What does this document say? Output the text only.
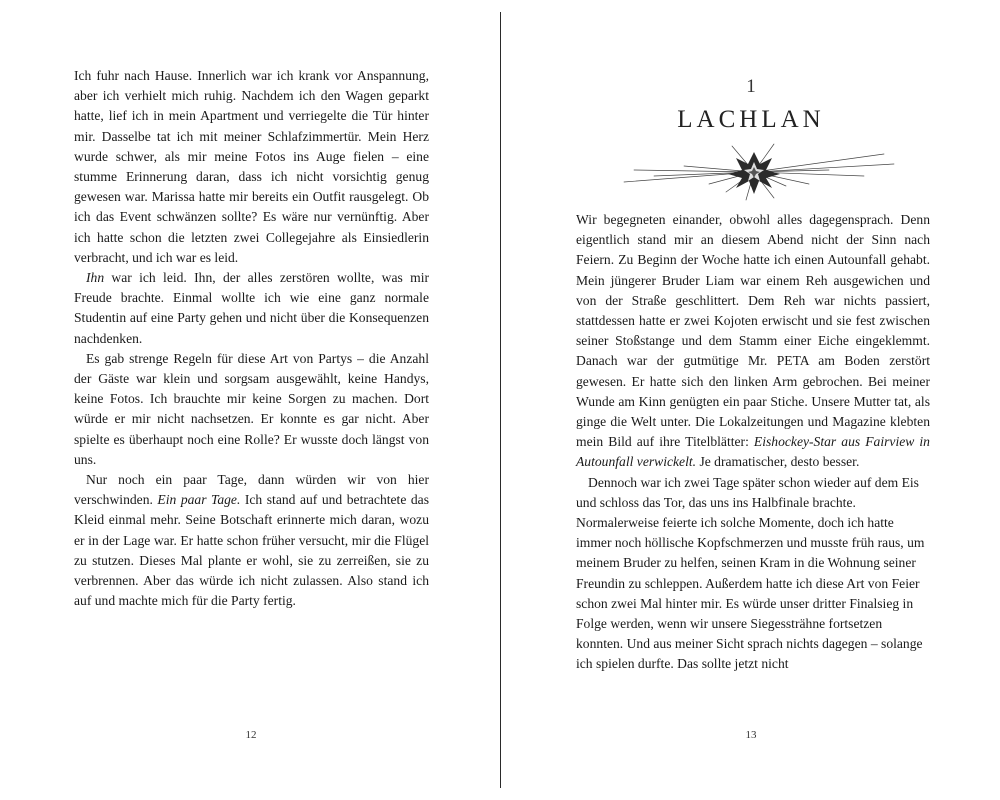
Ich fuhr nach Hause. Innerlich war ich krank vor Anspannung, aber ich verhielt mich ruhig. Nachdem ich den Wagen geparkt hatte, lief ich in mein Apartment und verriegelte die Tür hinter mir. Dasselbe tat ich mit meiner Schlafzimmertür. Mein Herz wurde schwer, als mir meine Fotos ins Auge fielen – eine stumme Erinnerung daran, dass ich nicht vorsichtig genug gewesen war. Marissa hatte mir bereits ein Outfit rausgelegt. Ob ich das Event schwänzen sollte? Es wäre nur vernünftig. Aber ich hatte schon die letzten zwei Collegejahre als Einsiedlerin verbracht, und ich war es leid.

Ihn war ich leid. Ihn, der alles zerstören wollte, was mir Freude brachte. Einmal wollte ich wie eine ganz normale Studentin auf eine Party gehen und nicht über die Konsequenzen nachdenken.

Es gab strenge Regeln für diese Art von Partys – die Anzahl der Gäste war klein und sorgsam ausgewählt, keine Handys, keine Fotos. Ich brauchte mir keine Sorgen zu machen. Dort würde er mir nicht nachsetzen. Er konnte es gar nicht. Aber spielte es überhaupt noch eine Rolle? Er wusste doch längst von uns.

Nur noch ein paar Tage, dann würden wir von hier verschwinden. Ein paar Tage. Ich stand auf und betrachtete das Kleid einmal mehr. Seine Botschaft erinnerte mich daran, wozu er in der Lage war. Er hatte schon früher versucht, mir die Flügel zu stutzen. Dieses Mal plante er wohl, sie zu zerreißen, sie zu verbrennen. Aber das würde ich nicht zulassen. Also stand ich auf und machte mich für die Party fertig.

12
1
LACHLAN

Wir begegneten einander, obwohl alles dagegensprach. Denn eigentlich stand mir an diesem Abend nicht der Sinn nach Feiern. Zu Beginn der Woche hatte ich einen Autounfall gehabt. Mein jüngerer Bruder Liam war einem Reh ausgewichen und von der Straße geschlittert. Dem Reh war nichts passiert, stattdessen hatte er zwei Kojoten erwischt und sie fest zwischen seiner Stoßstange und dem Stamm einer Eiche eingeklemmt. Danach war der gutmütige Mr. PETA am Boden zerstört gewesen. Er hatte sich den linken Arm gebrochen. Bei meiner Wunde am Kinn genügten ein paar Stiche. Unsere Mutter tat, als ginge die Welt unter. Die Lokalzeitungen und Magazine klebten mein Bild auf ihre Titelblätter: Eishockey-Star aus Fairview in Autounfall verwickelt. Je dramatischer, desto besser.

Dennoch war ich zwei Tage später schon wieder auf dem Eis und schloss das Tor, das uns ins Halbfinale brachte. Normalerweise feierte ich solche Momente, doch ich hatte immer noch höllische Kopfschmerzen und musste früh raus, um meinem Bruder zu helfen, seinen Kram in die Wohnung seiner Freundin zu schleppen. Außerdem hatte ich diese Art von Feier schon zwei Mal hinter mir. Es würde unser dritter Finalsieg in Folge werden, wenn wir unsere Siegessträhne fortsetzen konnten. Und aus meiner Sicht sprach nichts dagegen – solange ich spielen durfte. Das sollte jetzt nicht

13
